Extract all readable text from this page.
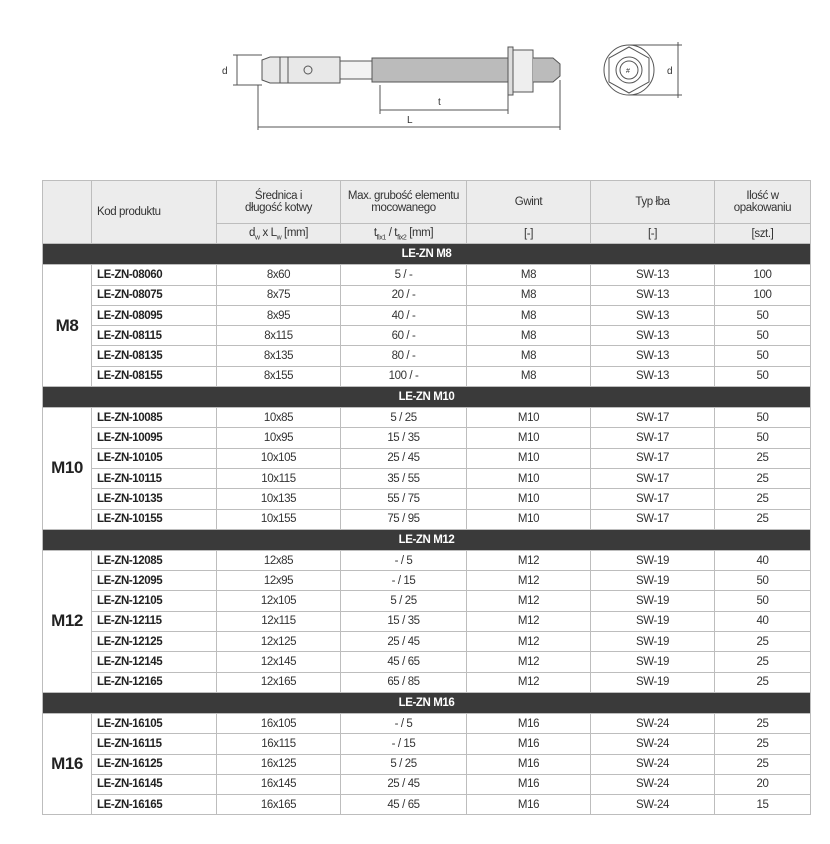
d
t
L
d
#
	Kod produktu	Średnica i długość kotwy	Max. grubość elementu mocowanego	Gwint	Typ łba	Ilość w opakowaniu
		$d_w$ x $L_w$ [mm]	$t_{fix1} / t_{fix2}$ [mm]	[-]	[-]	[szt.]
LE-ZN M8						
M8	LE-ZN-08060	8x60	5 / -	M8	SW-13	100
	LE-ZN-08075	8x75	20 / -	M8	SW-13	100
	LE-ZN-08095	8x95	40 / -	M8	SW-13	50
	LE-ZN-08115	8x115	60 / -	M8	SW-13	50
	LE-ZN-08135	8x135	80 / -	M8	SW-13	50
	LE-ZN-08155	8x155	100 / -	M8	SW-13	50
LE-ZN M10						
M10	LE-ZN-10085	10x85	5 / 25	M10	SW-17	50
	LE-ZN-10095	10x95	15 / 35	M10	SW-17	50
	LE-ZN-10105	10x105	25 / 45	M10	SW-17	25
	LE-ZN-10115	10x115	35 / 55	M10	SW-17	25
	LE-ZN-10135	10x135	55 / 75	M10	SW-17	25
	LE-ZN-10155	10x155	75 / 95	M10	SW-17	25
LE-ZN M12						
M12	LE-ZN-12085	12x85	- / 5	M12	SW-19	40
	LE-ZN-12095	12x95	- / 15	M12	SW-19	50
	LE-ZN-12105	12x105	5 / 25	M12	SW-19	50
	LE-ZN-12115	12x115	15 / 35	M12	SW-19	40
	LE-ZN-12125	12x125	25 / 45	M12	SW-19	25
	LE-ZN-12145	12x145	45 / 65	M12	SW-19	25
	LE-ZN-12165	12x165	65 / 85	M12	SW-19	25
LE-ZN M16						
M16	LE-ZN-16105	16x105	- / 5	M16	SW-24	25
	LE-ZN-16115	16x115	- / 15	M16	SW-24	25
	LE-ZN-16125	16x125	5 / 25	M16	SW-24	25
	LE-ZN-16145	16x145	25 / 45	M16	SW-24	20
	LE-ZN-16165	16x165	45 / 65	M16	SW-24	15
